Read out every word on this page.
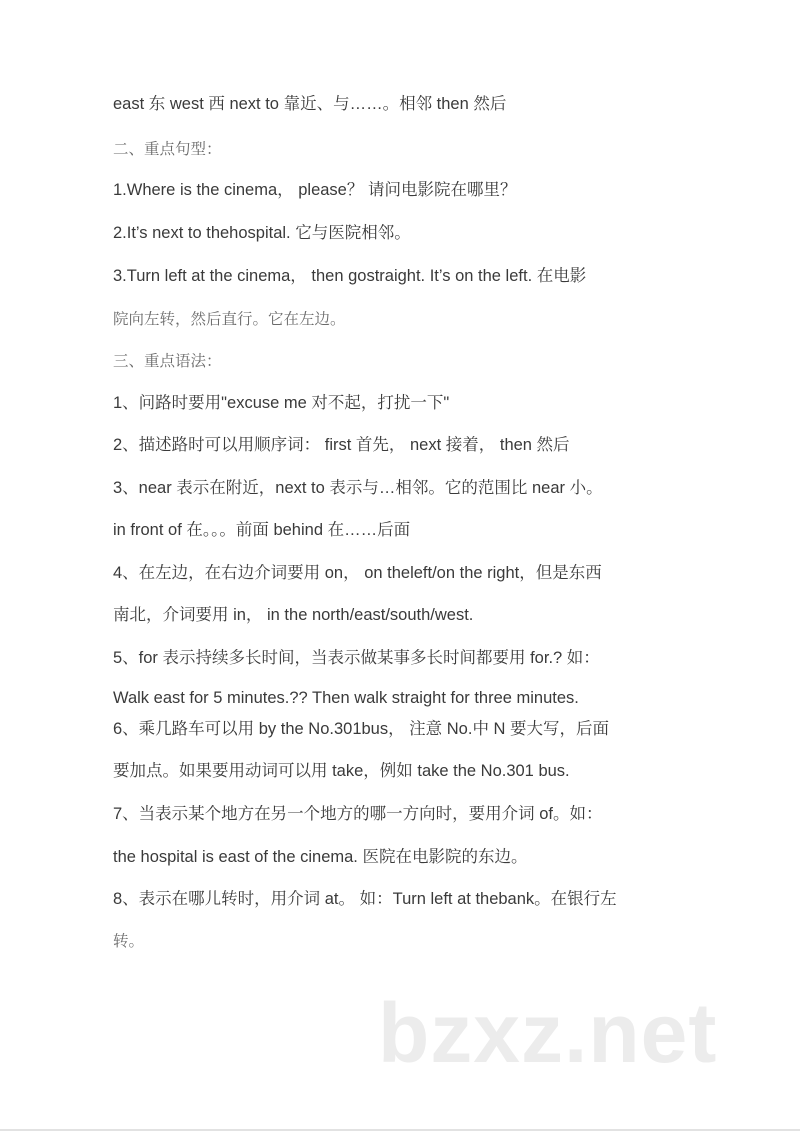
east 东 west 西 next to 靠近、与……。相邻 then 然后
二、重点句型：
1.Where is the cinema， please？ 请问电影院在哪里？
2.It’s next to thehospital. 它与医院相邻。
3.Turn left at the cinema， then gostraight. It’s on the left. 在电影
院向左转，然后直行。它在左边。
三、重点语法：
1、问路时要用"excuse me 对不起，打扰一下"
2、描述路时可以用顺序词： first 首先， next 接着， then 然后
3、near 表示在附近，next to 表示与…相邻。它的范围比 near 小。
in front of 在。。。前面 behind 在……后面
4、在左边，在右边介词要用 on， on theleft/on the right，但是东西
南北，介词要用 in， in the north/east/south/west.
5、for 表示持续多长时间，当表示做某事多长时间都要用 for.? 如：
Walk east for 5 minutes.?? Then walk straight for three minutes.
6、乘几路车可以用 by the No.301bus， 注意 No.中 N 要大写，后面
要加点。如果要用动词可以用 take，例如 take the No.301 bus.
7、当表示某个地方在另一个地方的哪一方向时，要用介词 of。如：
the hospital is east of the cinema. 医院在电影院的东边。
8、表示在哪儿转时，用介词 at。 如：Turn left at thebank。在银行左
转。
bzxz.net
